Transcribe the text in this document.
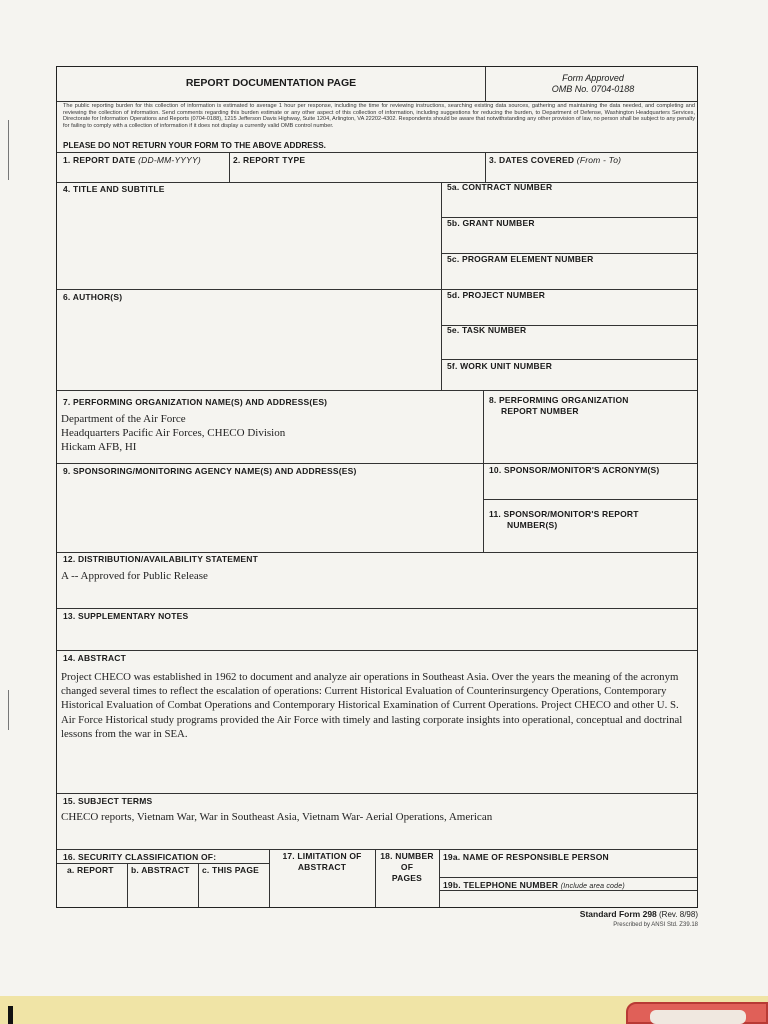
REPORT DOCUMENTATION PAGE	Form Approved
OMB No. 0704-0188
The public reporting burden for this collection of information is estimated to average 1 hour per response, including the time for reviewing instructions, searching existing data sources, gathering and maintaining the data needed, and completing and reviewing the collection of information. Send comments regarding this burden estimate or any other aspect of this collection of information, including suggestions for reducing the burden, to Department of Defense, Washington Headquarters Services, Directorate for Information Operations and Reports (0704-0188), 1215 Jefferson Davis Highway, Suite 1204, Arlington, VA 22202-4302. Respondents should be aware that notwithstanding any other provision of law, no person shall be subject to any penalty for failing to comply with a collection of information if it does not display a currently valid OMB control number.
PLEASE DO NOT RETURN YOUR FORM TO THE ABOVE ADDRESS.
1. REPORT DATE (DD-MM-YYYY)	2. REPORT TYPE	3. DATES COVERED (From - To)
4. TITLE AND SUBTITLE	5a. CONTRACT NUMBER
5b. GRANT NUMBER
5c. PROGRAM ELEMENT NUMBER
6. AUTHOR(S)	5d. PROJECT NUMBER
5e. TASK NUMBER
5f. WORK UNIT NUMBER
7. PERFORMING ORGANIZATION NAME(S) AND ADDRESS(ES)
Department of the Air Force
Headquarters Pacific Air Forces, CHECO Division
Hickam AFB, HI
8. PERFORMING ORGANIZATION
REPORT NUMBER
9. SPONSORING/MONITORING AGENCY NAME(S) AND ADDRESS(ES)	10. SPONSOR/MONITOR'S ACRONYM(S)
11. SPONSOR/MONITOR'S REPORT
NUMBER(S)
12. DISTRIBUTION/AVAILABILITY STATEMENT
A -- Approved for Public Release
13. SUPPLEMENTARY NOTES
14. ABSTRACT
Project CHECO was established in 1962 to document and analyze air operations in Southeast Asia. Over the years the meaning of the acronym changed several times to reflect the escalation of operations: Current Historical Evaluation of Counterinsurgency Operations, Contemporary Historical Evaluation of Combat Operations and Contemporary Historical Examination of Current Operations. Project CHECO and other U. S. Air Force Historical study programs provided the Air Force with timely and lasting corporate insights into operational, conceptual and doctrinal lessons from the war in SEA.
15. SUBJECT TERMS
CHECO reports, Vietnam War, War in Southeast Asia, Vietnam War- Aerial Operations, American
16. SECURITY CLASSIFICATION OF:
a. REPORT b. ABSTRACT c. THIS PAGE
17. LIMITATION OF
ABSTRACT
18. NUMBER
OF
PAGES
19a. NAME OF RESPONSIBLE PERSON
19b. TELEPHONE NUMBER (Include area code)
Standard Form 298 (Rev. 8/98)
Prescribed by ANSI Std. Z39.18
